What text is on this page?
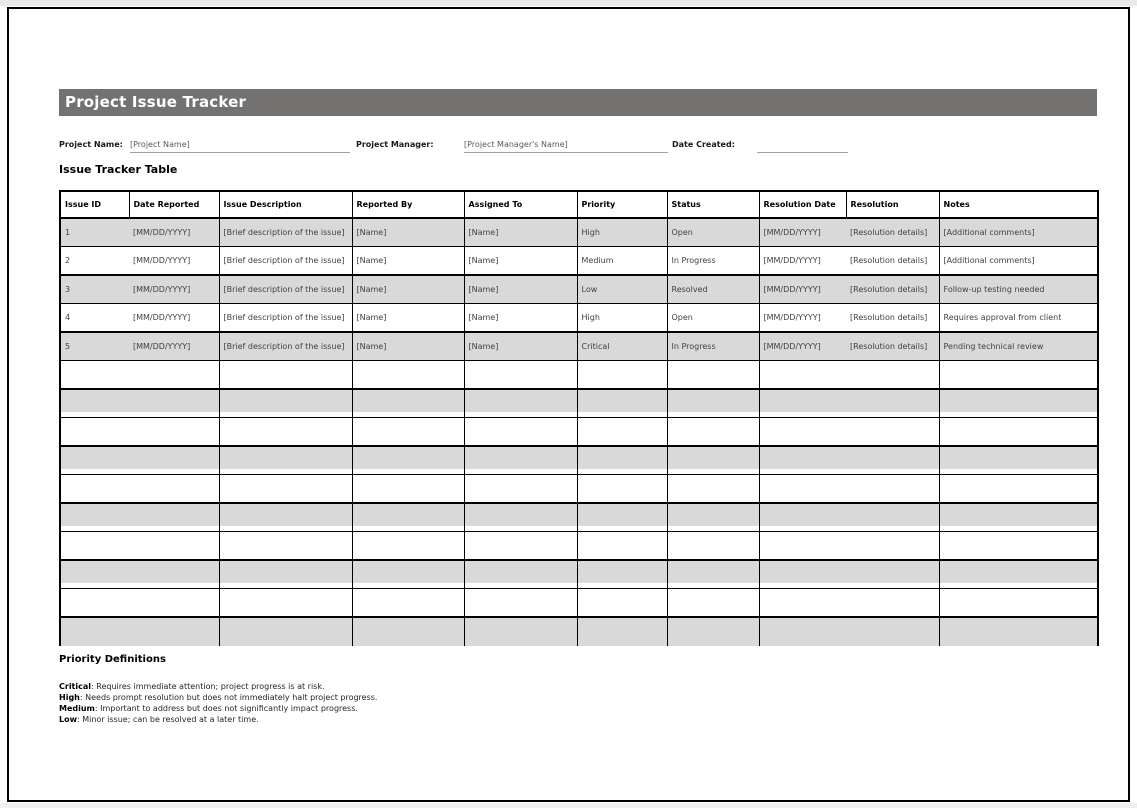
Project Issue Tracker
Project Name: [Project Name]	Project Manager:	[Project Manager's Name]	Date Created:
Issue Tracker Table
Issue ID	Date Reported	Issue Description	Reported By	Assigned To	Priority	Status	Resolution Date	Resolution	Notes
1	[MM/DD/YYYY]	[Brief description of the issue]	[Name]	[Name]	High	Open	[MM/DD/YYYY]	[Resolution details]	[Additional comments]
2	[MM/DD/YYYY]	[Brief description of the issue]	[Name]	[Name]	Medium	In Progress	[MM/DD/YYYY]	[Resolution details]	[Additional comments]
3	[MM/DD/YYYY]	[Brief description of the issue]	[Name]	[Name]	Low	Resolved	[MM/DD/YYYY]	[Resolution details]	Follow-up testing needed
4	[MM/DD/YYYY]	[Brief description of the issue]	[Name]	[Name]	High	Open	[MM/DD/YYYY]	[Resolution details]	Requires approval from client
5	[MM/DD/YYYY]	[Brief description of the issue]	[Name]	[Name]	Critical	In Progress	[MM/DD/YYYY]	[Resolution details]	Pending technical review

Priority Definitions
Critical: Requires immediate attention; project progress is at risk.
High: Needs prompt resolution but does not immediately halt project progress.
Medium: Important to address but does not significantly impact progress.
Low: Minor issue; can be resolved at a later time.
